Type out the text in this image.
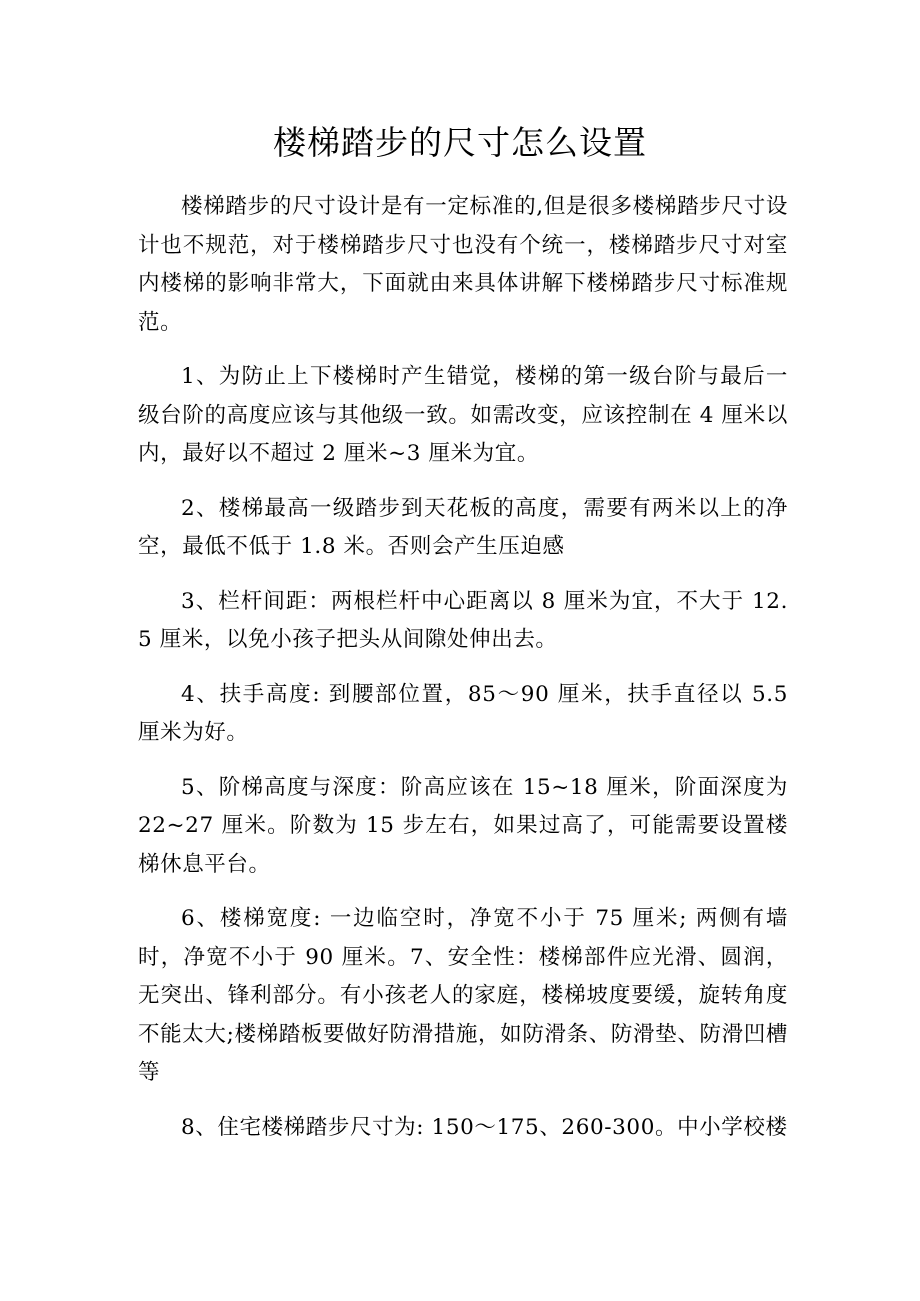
楼梯踏步的尺寸怎么设置

楼梯踏步的尺寸设计是有一定标准的,但是很多楼梯踏步尺寸设计也不规范，对于楼梯踏步尺寸也没有个统一，楼梯踏步尺寸对室内楼梯的影响非常大，下面就由来具体讲解下楼梯踏步尺寸标准规范。

1、为防止上下楼梯时产生错觉，楼梯的第一级台阶与最后一级台阶的高度应该与其他级一致。如需改变，应该控制在 4 厘米以内，最好以不超过 2 厘米~3 厘米为宜。

2、楼梯最高一级踏步到天花板的高度，需要有两米以上的净空，最低不低于 1.8 米。否则会产生压迫感

3、栏杆间距：两根栏杆中心距离以 8 厘米为宜，不大于 12.5 厘米，以免小孩子把头从间隙处伸出去。

4、扶手高度: 到腰部位置，85～90 厘米，扶手直径以 5.5 厘米为好。

5、阶梯高度与深度：阶高应该在 15~18 厘米，阶面深度为 22~27 厘米。阶数为 15 步左右，如果过高了，可能需要设置楼梯休息平台。

6、楼梯宽度: 一边临空时，净宽不小于 75 厘米; 两侧有墙时，净宽不小于 90 厘米。7、安全性：楼梯部件应光滑、圆润，无突出、锋利部分。有小孩老人的家庭，楼梯坡度要缓，旋转角度不能太大;楼梯踏板要做好防滑措施，如防滑条、防滑垫、防滑凹槽等

8、住宅楼梯踏步尺寸为: 150～175、260-300。中小学校楼
